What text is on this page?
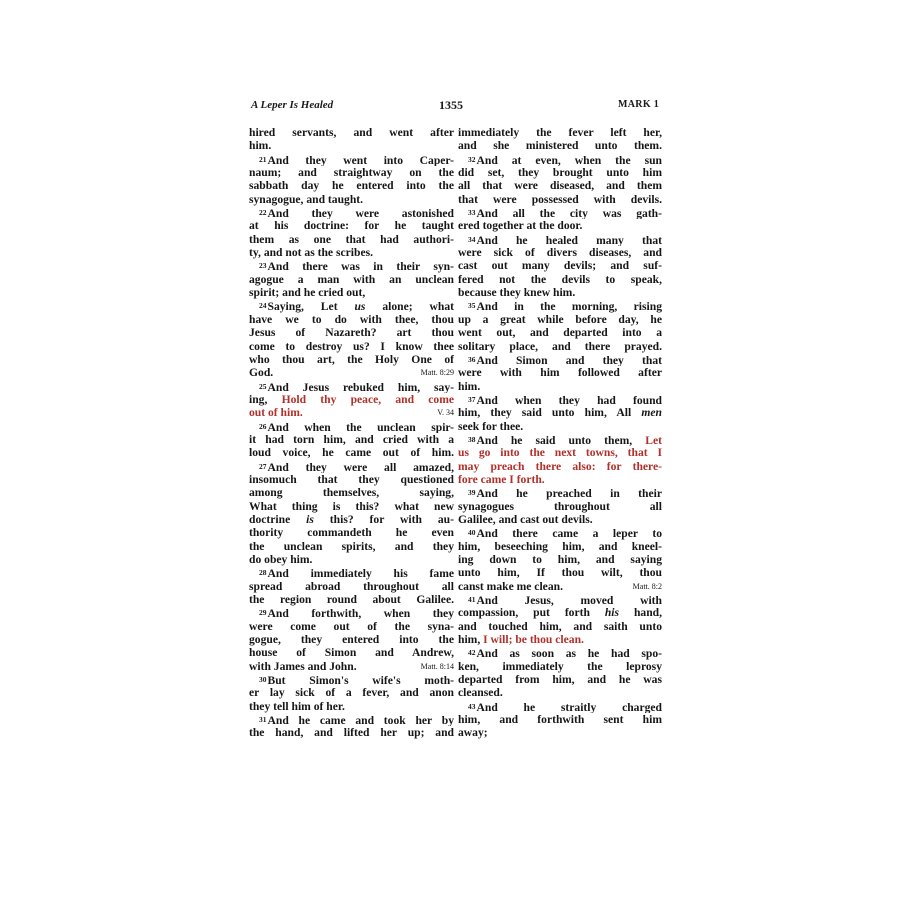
A Leper Is Healed	1355	MARK 1
hired servants, and went after
him.
21And they went into Caper-
naum; and straightway on the
sabbath day he entered into the
synagogue, and taught.
22And they were astonished
at his doctrine: for he taught
them as one that had authori-
ty, and not as the scribes.
23And there was in their syn-
agogue a man with an unclean
spirit; and he cried out,
24Saying, Let us alone; what
have we to do with thee, thou
Jesus of Nazareth? art thou
come to destroy us? I know thee
who thou art, the Holy One of
God.	Matt. 8:29
25And Jesus rebuked him, say-
ing, Hold thy peace, and come
out of him.	V. 34
26And when the unclean spir-
it had torn him, and cried with a
loud voice, he came out of him.
27And they were all amazed,
insomuch that they questioned
among themselves, saying,
What thing is this? what new
doctrine is this? for with au-
thority commandeth he even
the unclean spirits, and they
do obey him.
28And immediately his fame
spread abroad throughout all
the region round about Galilee.
29And forthwith, when they
were come out of the syna-
gogue, they entered into the
house of Simon and Andrew,
with James and John.	Matt. 8:14
30But Simon's wife's moth-
er lay sick of a fever, and anon
they tell him of her.
31And he came and took her by
the hand, and lifted her up; and
immediately the fever left her,
and she ministered unto them.
32And at even, when the sun
did set, they brought unto him
all that were diseased, and them
that were possessed with devils.
33And all the city was gath-
ered together at the door.
34And he healed many that
were sick of divers diseases, and
cast out many devils; and suf-
fered not the devils to speak,
because they knew him.
35And in the morning, rising
up a great while before day, he
went out, and departed into a
solitary place, and there prayed.
36And Simon and they that
were with him followed after
him.
37And when they had found
him, they said unto him, All men
seek for thee.
38And he said unto them, Let
us go into the next towns, that I
may preach there also: for there-
fore came I forth.
39And he preached in their
synagogues throughout all
Galilee, and cast out devils.
40And there came a leper to
him, beseeching him, and kneel-
ing down to him, and saying
unto him, If thou wilt, thou
canst make me clean.	Matt. 8:2
41And Jesus, moved with
compassion, put forth his hand,
and touched him, and saith unto
him, I will; be thou clean.
42And as soon as he had spo-
ken, immediately the leprosy
departed from him, and he was
cleansed.
43And he straitly charged
him, and forthwith sent him
away;
